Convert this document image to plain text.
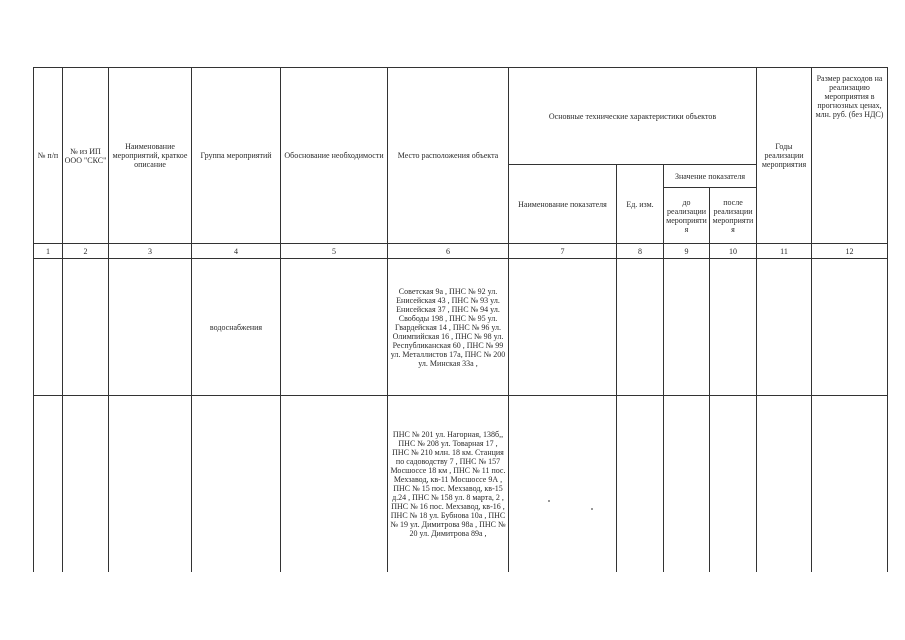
№ п/п	№ из ИП ООО "СКС"	Наименование мероприятий, краткое описание	Группа мероприятий	Обоснование необходимости	Место расположения объекта	Основные технические характеристики объектов				Годы реализации мероприятия	Размер расходов на реализацию мероприятия в прогнозных ценах, млн. руб. (без НДС)
						Наименование показателя	Ед. изм.	Значение показателя			
								до реализации мероприятия	после реализации мероприятия		
1	2	3	4	5	6	7	8	9	10	11	12
			водоснабжения		Советская 9а , ПНС № 92 ул. Енисейская 43 , ПНС № 93 ул. Енисейская 37 , ПНС № 94 ул. Свободы 198 , ПНС № 95 ул. Гвардейская 14 , ПНС № 96 ул. Олимпийская 16 , ПНС № 98 ул. Республиканская 60 , ПНС № 99 ул. Металлистов 17а, ПНС № 200 ул. Минская 33а ,						
					ПНС № 201 ул. Нагорная, 138б,, ПНС № 208 ул. Товарная 17 , ПНС № 210 млн. 18 км. Станция по садоводству 7 , ПНС № 157 Мосшоссе 18 км , ПНС № 11 пос. Мехзавод, кв-11 Мосшоссе 9А , ПНС № 15 пос. Мехзавод, кв-15 д.24 , ПНС № 158 ул. 8 марта, 2 , ПНС № 16 пос. Мехзавод, кв-16 , ПНС № 18 ул. Бубнова 10а , ПНС № 19 ул. Димитрова 98а , ПНС № 20 ул. Димитрова 89а ,						
